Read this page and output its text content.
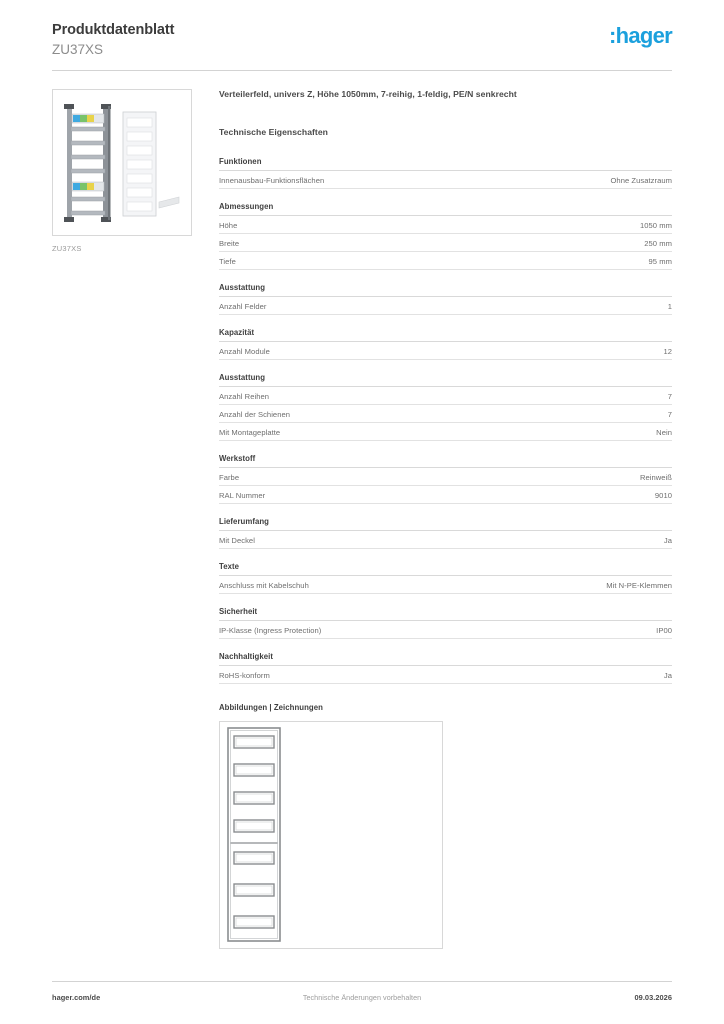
Produktdatenblatt
ZU37XS
:hager
ZU37XS
Verteilerfeld, univers Z, Höhe 1050mm, 7-reihig, 1-feldig, PE/N senkrecht
Technische Eigenschaften
Funktionen
Innenausbau-Funktionsflächen	Ohne Zusatzraum
Abmessungen
Höhe	1050 mm
Breite	250 mm
Tiefe	95 mm
Ausstattung
Anzahl Felder	1
Kapazität
Anzahl Module	12
Ausstattung
Anzahl Reihen	7
Anzahl der Schienen	7
Mit Montageplatte	Nein
Werkstoff
Farbe	Reinweiß
RAL Nummer	9010
Lieferumfang
Mit Deckel	Ja
Texte
Anschluss mit Kabelschuh	Mit N-PE-Klemmen
Sicherheit
IP-Klasse (Ingress Protection)	IP00
Nachhaltigkeit
RoHS-konform	Ja
Abbildungen | Zeichnungen
hager.com/de	Technische Änderungen vorbehalten	09.03.2026
